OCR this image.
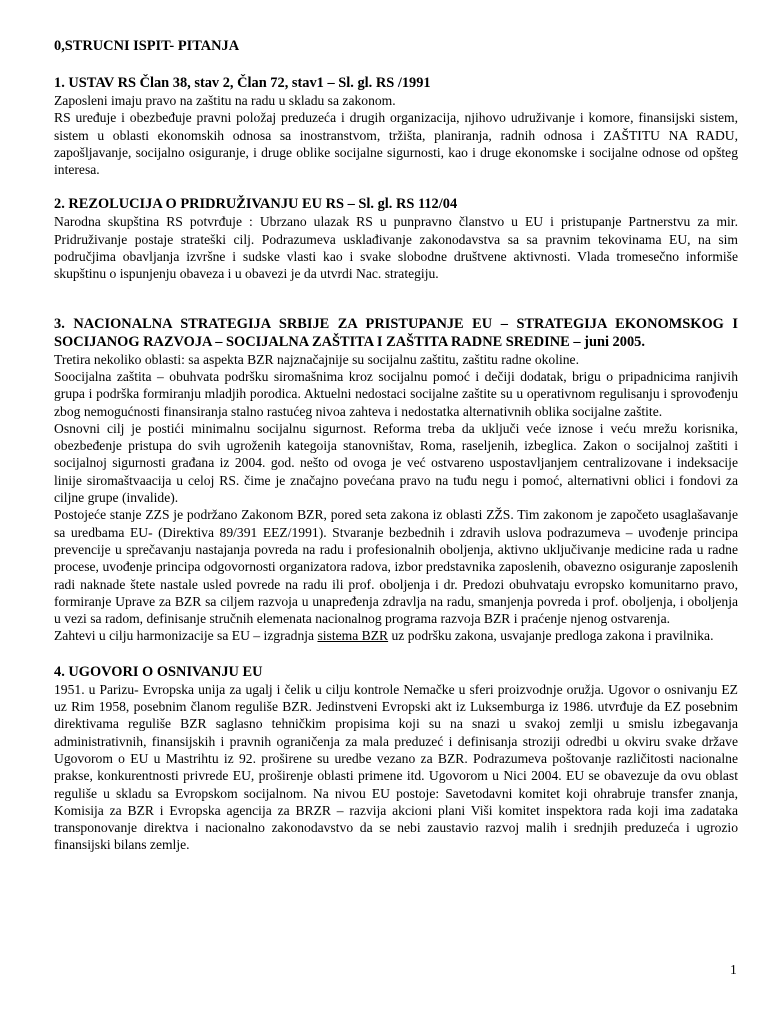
0,STRUCNI ISPIT- PITANJA

1. USTAV RS Član 38, stav 2, Član 72, stav1 – Sl. gl. RS /1991

Zaposleni imaju pravo na zaštitu na radu u skladu sa zakonom.

RS uređuje i obezbeđuje pravni položaj preduzeća i drugih organizacija, njihovo udruživanje i komore, finansijski sistem, sistem u oblasti ekonomskih odnosa sa inostranstvom, tržišta, planiranja, radnih odnosa i ZAŠTITU NA RADU, zapošljavanje, socijalno osiguranje, i druge oblike socijalne sigurnosti, kao i druge ekonomske i socijalne odnose od opšteg interesa.

2. REZOLUCIJA O PRIDRUŽIVANJU EU RS – Sl. gl. RS 112/04

Narodna skupština RS potvrđuje : Ubrzano ulazak RS u punpravno članstvo u EU i pristupanje Partnerstvu za mir. Pridruživanje postaje strateški cilj. Podrazumeva usklađivanje zakonodavstva sa sa pravnim tekovinama EU, na sim područjima obavljanja izvršne i sudske vlasti kao i svake slobodne društvene aktivnosti. Vlada tromesečno informiše skupštinu o ispunjenju obaveza i u obavezi je da utvrdi Nac. strategiju.

3. NACIONALNA STRATEGIJA SRBIJE ZA PRISTUPANJE EU – STRATEGIJA EKONOMSKOG I SOCIJANOG RAZVOJA – SOCIJALNA ZAŠTITA I ZAŠTITA RADNE SREDINE – juni 2005.

Tretira nekoliko oblasti: sa aspekta BZR najznačajnije su socijalnu zaštitu, zaštitu radne okoline.

Soocijalna zaštita – obuhvata podršku siromašnima kroz socijalnu pomoć i dečiji dodatak, brigu o pripadnicima ranjivih grupa i podrška formiranju mladjih porodica. Aktuelni nedostaci socijalne zaštite su u operativnom regulisanju i sprovođenju zbog nemogućnosti finansiranja stalno rastućeg nivoa zahteva i nedostatka alternativnih oblika socijalne zaštite.

Osnovni cilj je postići minimalnu socijalnu sigurnost. Reforma treba da uključi veće iznose i veću mrežu korisnika, obezbeđenje pristupa do svih ugroženih kategoija stanovništav, Roma, raseljenih, izbeglica. Zakon o socijalnoj zaštiti i socijalnoj sigurnosti građana iz 2004. god. nešto od ovoga je već ostvareno uspostavljanjem centralizovane i indeksacije linije siromaštvaacija u celoj RS. čime je značajno povećana pravo na tuđu negu i pomoć, alternativni oblici i fondovi za ciljne grupe (invalide).

Postojeće stanje ZZS je podržano Zakonom BZR, pored seta zakona iz oblasti ZŽS. Tim zakonom je započeto usaglašavanje sa uredbama EU- (Direktiva 89/391 EEZ/1991). Stvaranje bezbednih i zdravih uslova podrazumeva – uvođenje principa prevencije u sprečavanju nastajanja povreda na radu i profesionalnih oboljenja, aktivno uključivanje medicine rada u radne procese, uvođenje principa odgovornosti organizatora radova, izbor predstavnika zaposlenih, obavezno osiguranje zaposlenih radi naknade štete nastale usled povrede na radu ili prof. oboljenja i dr. Predozi obuhvataju evropsko komunitarno pravo, formiranje Uprave za BZR sa ciljem razvoja u unapređenja zdravlja na radu, smanjenja povreda i prof. oboljenja, i oboljenja u vezi sa radom, definisanje stručnih elemenata nacionalnog programa razvoja BZR i praćenje njenog ostvarenja.

Zahtevi u cilju harmonizacije sa EU – izgradnja sistema BZR uz podršku zakona, usvajanje predloga zakona i pravilnika.

4. UGOVORI O OSNIVANJU EU

1951. u Parizu- Evropska unija za ugalj i čelik u cilju kontrole Nemačke u sferi proizvodnje oružja. Ugovor o osnivanju EZ uz Rim 1958, posebnim članom reguliše BZR. Jedinstveni Evropski akt iz Luksemburga iz 1986. utvrđuje da EZ posebnim direktivama reguliše BZR saglasno tehničkim propisima koji su na snazi u svakoj zemlji u smislu izbegavanja administrativnih, finansijskih i pravnih ograničenja za mala preduzeć i definisanja stroziji odredbi u okviru svake države Ugovorom o EU u Mastrihtu iz 92. proširene su uredbe vezano za BZR. Podrazumeva poštovanje različitosti nacionalne prakse, konkurentnosti privrede EU, proširenje oblasti primene itd. Ugovorom u Nici 2004. EU se obavezuje da ovu oblast reguliše u skladu sa Evropskom socijalnom. Na nivou EU postoje: Savetodavni komitet koji ohrabruje transfer znanja, Komisija za BZR i Evropska agencija za BRZR – razvija akcioni plani Viši komitet inspektora rada koji ima zadataka transponovanje direktva i nacionalno zakonodavstvo da se nebi zaustavio razvoj malih i srednjih preduzeća i ugrozio finansijski bilans zemlje.

1
